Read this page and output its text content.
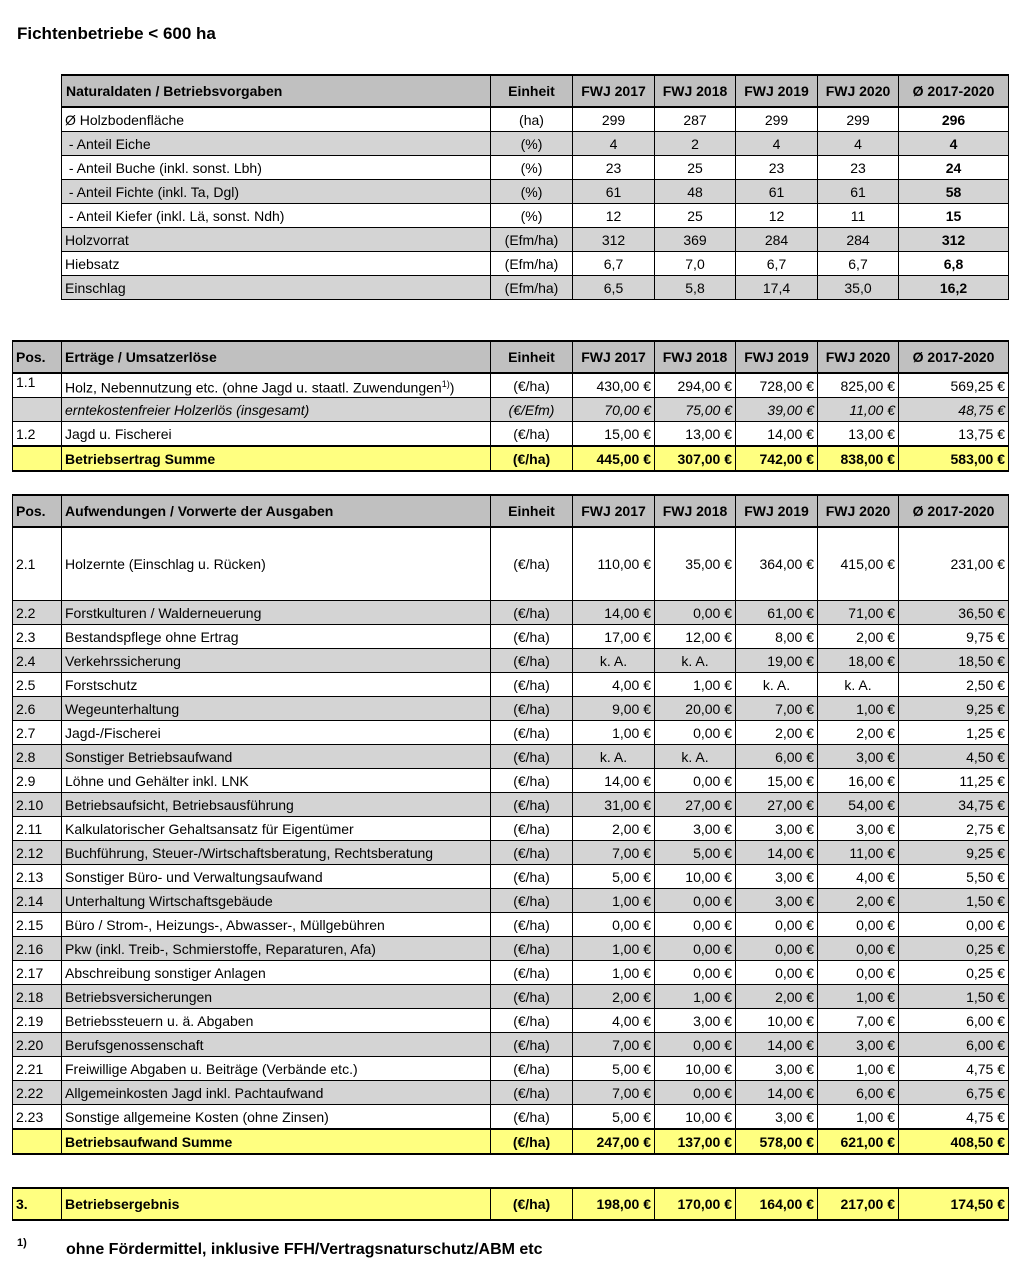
Fichtenbetriebe < 600 ha
Naturaldaten / Betriebsvorgaben	Einheit	FWJ 2017	FWJ 2018	FWJ 2019	FWJ 2020	Ø 2017-2020
Ø Holzbodenfläche	(ha)	299	287	299	299	296
- Anteil Eiche	(%)	4	2	4	4	4
- Anteil Buche (inkl. sonst. Lbh)	(%)	23	25	23	23	24
- Anteil Fichte (inkl. Ta, Dgl)	(%)	61	48	61	61	58
- Anteil Kiefer (inkl. Lä, sonst. Ndh)	(%)	12	25	12	11	15
Holzvorrat	(Efm/ha)	312	369	284	284	312
Hiebsatz	(Efm/ha)	6,7	7,0	6,7	6,7	6,8
Einschlag	(Efm/ha)	6,5	5,8	17,4	35,0	16,2
Pos.	Erträge / Umsatzerlöse	Einheit	FWJ 2017	FWJ 2018	FWJ 2019	FWJ 2020	Ø 2017-2020
1.1	Holz, Nebennutzung etc. (ohne Jagd u. staatl. Zuwendungen$^{1)}$)	(€/ha)	430,00 €	294,00 €	728,00 €	825,00 €	569,25 €
	erntekostenfreier Holzerlös (insgesamt)	(€/Efm)	70,00 €	75,00 €	39,00 €	11,00 €	48,75 €
1.2	Jagd u. Fischerei	(€/ha)	15,00 €	13,00 €	14,00 €	13,00 €	13,75 €
	Betriebsertrag Summe	(€/ha)	445,00 €	307,00 €	742,00 €	838,00 €	583,00 €
Pos.	Aufwendungen / Vorwerte der Ausgaben	Einheit	FWJ 2017	FWJ 2018	FWJ 2019	FWJ 2020	Ø 2017-2020
2.1	Holzernte (Einschlag u. Rücken)	(€/ha)	110,00 €	35,00 €	364,00 €	415,00 €	231,00 €
2.2	Forstkulturen / Walderneuerung	(€/ha)	14,00 €	0,00 €	61,00 €	71,00 €	36,50 €
2.3	Bestandspflege ohne Ertrag	(€/ha)	17,00 €	12,00 €	8,00 €	2,00 €	9,75 €
2.4	Verkehrssicherung	(€/ha)	k. A.	k. A.	19,00 €	18,00 €	18,50 €
2.5	Forstschutz	(€/ha)	4,00 €	1,00 €	k. A.	k. A.	2,50 €
2.6	Wegeunterhaltung	(€/ha)	9,00 €	20,00 €	7,00 €	1,00 €	9,25 €
2.7	Jagd-/Fischerei	(€/ha)	1,00 €	0,00 €	2,00 €	2,00 €	1,25 €
2.8	Sonstiger Betriebsaufwand	(€/ha)	k. A.	k. A.	6,00 €	3,00 €	4,50 €
2.9	Löhne und Gehälter inkl. LNK	(€/ha)	14,00 €	0,00 €	15,00 €	16,00 €	11,25 €
2.10	Betriebsaufsicht, Betriebsausführung	(€/ha)	31,00 €	27,00 €	27,00 €	54,00 €	34,75 €
2.11	Kalkulatorischer Gehaltsansatz für Eigentümer	(€/ha)	2,00 €	3,00 €	3,00 €	3,00 €	2,75 €
2.12	Buchführung, Steuer-/Wirtschaftsberatung, Rechtsberatung	(€/ha)	7,00 €	5,00 €	14,00 €	11,00 €	9,25 €
2.13	Sonstiger Büro- und Verwaltungsaufwand	(€/ha)	5,00 €	10,00 €	3,00 €	4,00 €	5,50 €
2.14	Unterhaltung Wirtschaftsgebäude	(€/ha)	1,00 €	0,00 €	3,00 €	2,00 €	1,50 €
2.15	Büro / Strom-, Heizungs-, Abwasser-, Müllgebühren	(€/ha)	0,00 €	0,00 €	0,00 €	0,00 €	0,00 €
2.16	Pkw (inkl. Treib-, Schmierstoffe, Reparaturen, Afa)	(€/ha)	1,00 €	0,00 €	0,00 €	0,00 €	0,25 €
2.17	Abschreibung sonstiger Anlagen	(€/ha)	1,00 €	0,00 €	0,00 €	0,00 €	0,25 €
2.18	Betriebsversicherungen	(€/ha)	2,00 €	1,00 €	2,00 €	1,00 €	1,50 €
2.19	Betriebssteuern u. ä. Abgaben	(€/ha)	4,00 €	3,00 €	10,00 €	7,00 €	6,00 €
2.20	Berufsgenossenschaft	(€/ha)	7,00 €	0,00 €	14,00 €	3,00 €	6,00 €
2.21	Freiwillige Abgaben u. Beiträge (Verbände etc.)	(€/ha)	5,00 €	10,00 €	3,00 €	1,00 €	4,75 €
2.22	Allgemeinkosten Jagd inkl. Pachtaufwand	(€/ha)	7,00 €	0,00 €	14,00 €	6,00 €	6,75 €
2.23	Sonstige allgemeine Kosten (ohne Zinsen)	(€/ha)	5,00 €	10,00 €	3,00 €	1,00 €	4,75 €
	Betriebsaufwand Summe	(€/ha)	247,00 €	137,00 €	578,00 €	621,00 €	408,50 €
3.	Betriebsergebnis	(€/ha)	198,00 €	170,00 €	164,00 €	217,00 €	174,50 €
1) ohne Fördermittel, inklusive FFH/Vertragsnaturschutz/ABM etc
